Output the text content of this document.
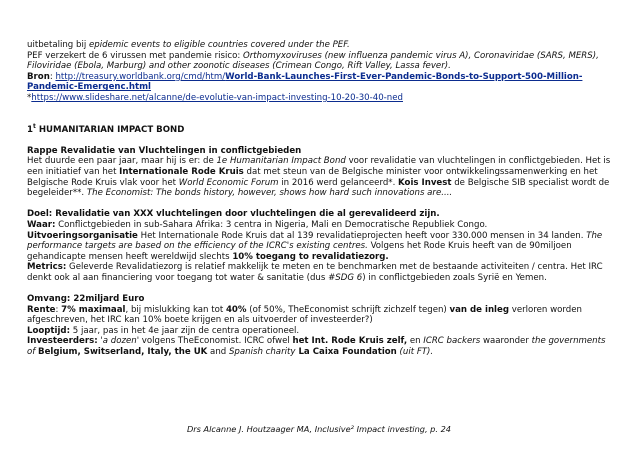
uitbetaling bij epidemic events to eligible countries covered under the PEF.

PEF verzekert de 6 virussen met pandemie risico: Orthomyxoviruses (new influenza pandemic virus A), Coronaviridae (SARS, MERS), Filoviridae (Ebola, Marburg) and other zoonotic diseases (Crimean Congo, Rift Valley, Lassa fever).

Bron: http://treasury.worldbank.org/cmd/htm/World-Bank-Launches-First-Ever-Pandemic-Bonds-to-Support-500-Million-Pandemic-Emergenc.html

*https://www.slideshare.net/alcanne/de-evolutie-van-impact-investing-10-20-30-40-ned

1$^t$ HUMANITARIAN IMPACT BOND

Rappe Revalidatie van Vluchtelingen in conflictgebieden

Het duurde een paar jaar, maar hij is er: de 1e Humanitarian Impact Bond voor revalidatie van vluchtelingen in conflictgebieden. Het is een initiatief van het Internationale Rode Kruis dat met steun van de Belgische minister voor ontwikkelingssamenwerking en het Belgische Rode Kruis vlak voor het World Economic Forum in 2016 werd gelanceerd*. Kois Invest de Belgische SIB specialist wordt de begeleider**. The Economist: The bonds history, however, shows how hard such innovations are....

Doel: Revalidatie van XXX vluchtelingen door vluchtelingen die al gerevalideerd zijn.

Waar: Conflictgebieden in sub-Sahara Afrika: 3 centra in Nigeria, Mali en Democratische Republiek Congo.

Uitvoeringsorganisatie Het Internationale Rode Kruis dat al 139 revalidatieprojecten heeft voor 330.000 mensen in 34 landen. The performance targets are based on the efficiency of the ICRC's existing centres. Volgens het Rode Kruis heeft van de 90miljoen gehandicapte mensen heeft wereldwijd slechts 10% toegang to revalidatiezorg.

Metrics: Geleverde Revalidatiezorg is relatief makkelijk te meten en te benchmarken met de bestaande activiteiten / centra. Het IRC denkt ook al aan financiering voor toegang tot water & sanitatie (dus #SDG 6) in conflictgebieden zoals Syrië en Yemen.

Omvang: 22miljard Euro

Rente: 7% maximaal, bij mislukking kan tot 40% (of 50%, TheEconomist schrijft zichzelf tegen) van de inleg verloren worden afgeschreven, het IRC kan 10% boete krijgen en als uitvoerder of investeerder?)

Looptijd: 5 jaar, pas in het 4e jaar zijn de centra operationeel.

Investeerders: 'a dozen' volgens TheEconomist. ICRC ofwel het Int. Rode Kruis zelf, en ICRC backers waaronder the governments of Belgium, Switserland, Italy, the UK and Spanish charity La Caixa Foundation (uit FT).

Drs Alcanne J. Houtzaager MA, Inclusive² Impact investing, p. 24
